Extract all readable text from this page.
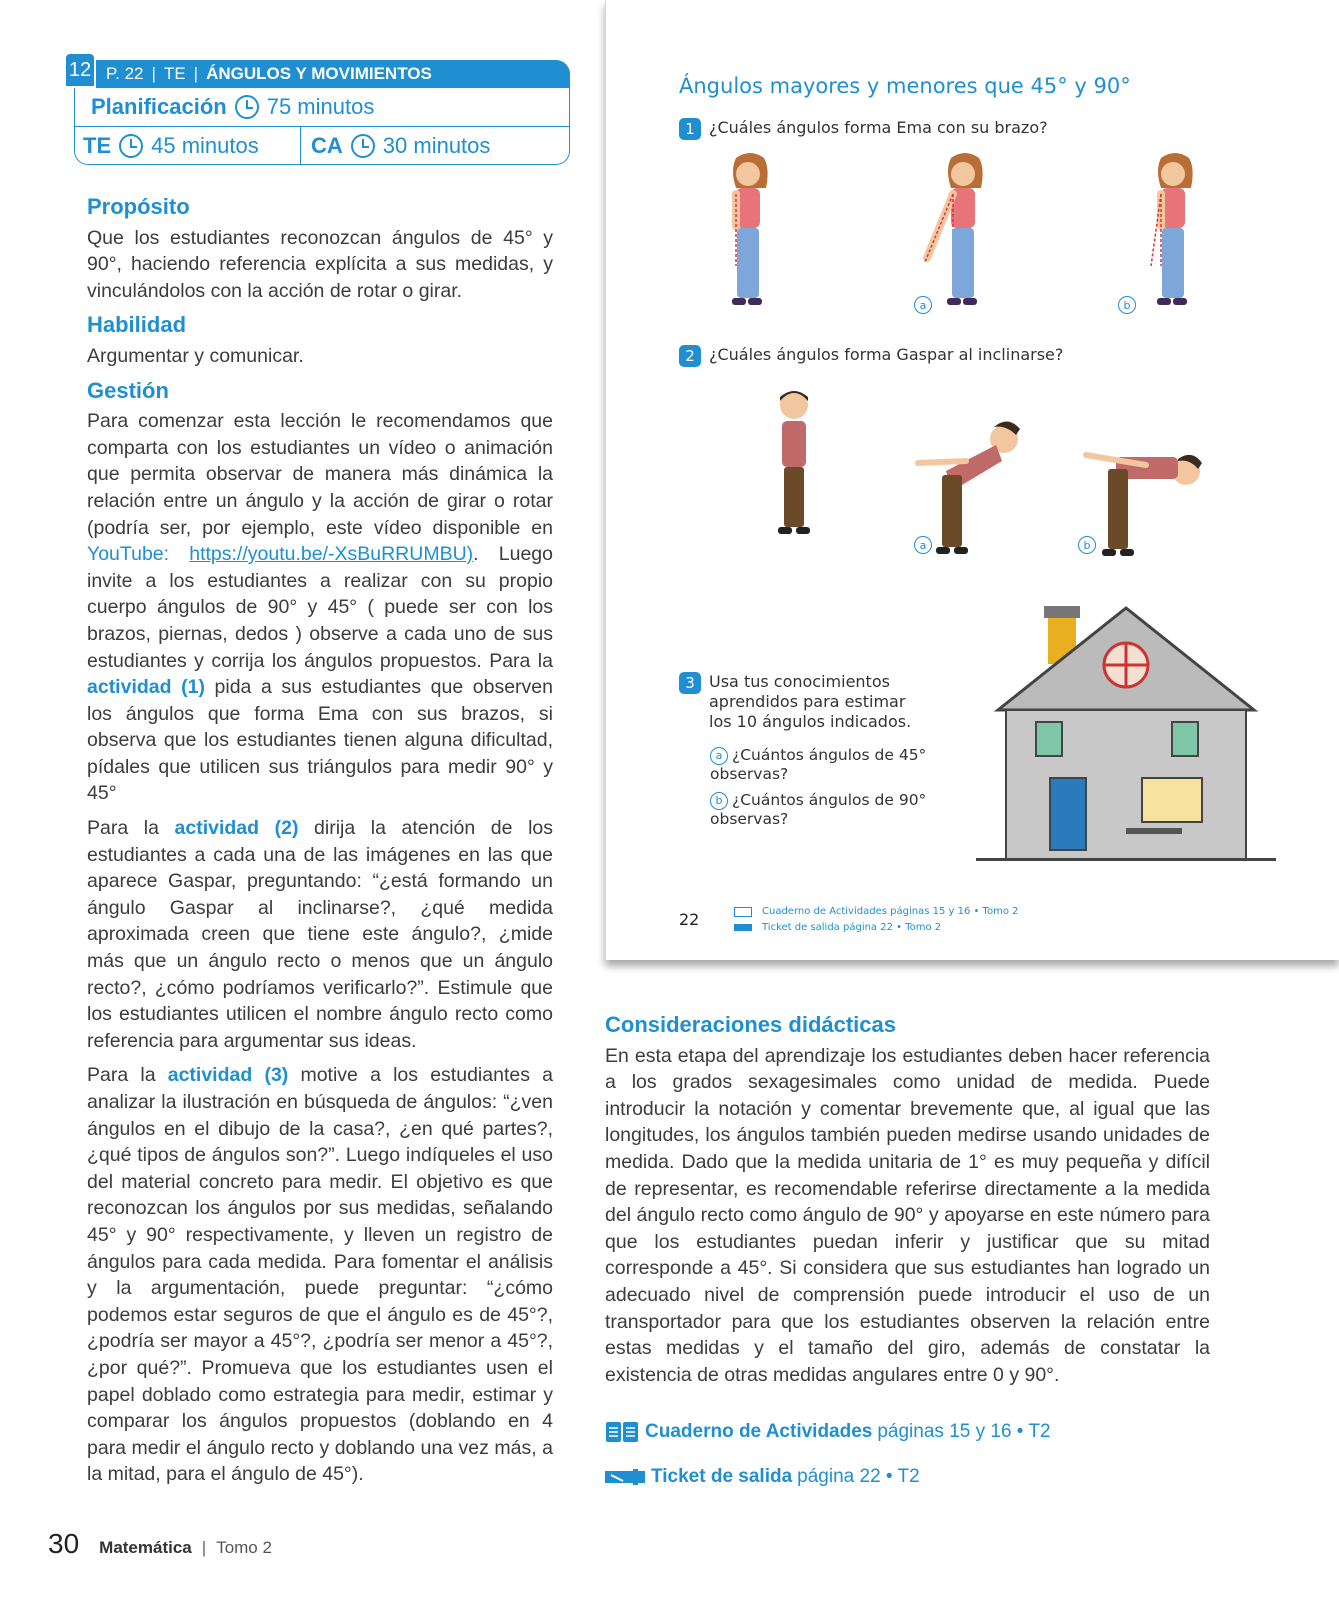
12 P. 22 | TE | ÁNGULOS Y MOVIMIENTOS
Planificación 75 minutos
TE 45 minutos CA 30 minutos
Propósito

Que los estudiantes reconozcan ángulos de 45° y 90°, haciendo referencia explícita a sus medidas, y vinculándolos con la acción de rotar o girar.

Habilidad

Argumentar y comunicar.

Gestión

Para comenzar esta lección le recomendamos que comparta con los estudiantes un vídeo o animación que permita observar de manera más dinámica la relación entre un ángulo y la acción de girar o rotar (podría ser, por ejemplo, este vídeo disponible en YouTube: https://youtu.be/-XsBuRRUMBU). Luego invite a los estudiantes a realizar con su propio cuerpo ángulos de 90° y 45° ( puede ser con los brazos, piernas, dedos ) observe a cada uno de sus estudiantes y corrija los ángulos propuestos. Para la actividad (1) pida a sus estudiantes que observen los ángulos que forma Ema con sus brazos, si observa que los estudiantes tienen alguna dificultad, pídales que utilicen sus triángulos para medir 90° y 45°

Para la actividad (2) dirija la atención de los estudiantes a cada una de las imágenes en las que aparece Gaspar, preguntando: “¿está formando un ángulo Gaspar al inclinarse?, ¿qué medida aproximada creen que tiene este ángulo?, ¿mide más que un ángulo recto o menos que un ángulo recto?, ¿cómo podríamos verificarlo?”. Estimule que los estudiantes utilicen el nombre ángulo recto como referencia para argumentar sus ideas.

Para la actividad (3) motive a los estudiantes a analizar la ilustración en búsqueda de ángulos: “¿ven ángulos en el dibujo de la casa?, ¿en qué partes?, ¿qué tipos de ángulos son?”. Luego indíqueles el uso del material concreto para medir. El objetivo es que reconozcan los ángulos por sus medidas, señalando 45° y 90° respectivamente, y lleven un registro de ángulos para cada medida. Para fomentar el análisis y la argumentación, puede preguntar: “¿cómo podemos estar seguros de que el ángulo es de 45°?, ¿podría ser mayor a 45°?, ¿podría ser menor a 45°?, ¿por qué?”. Promueva que los estudiantes usen el papel doblado como estrategia para medir, estimar y comparar los ángulos propuestos (doblando en 4 para medir el ángulo recto y doblando una vez más, a la mitad, para el ángulo de 45°).

Ángulos mayores y menores que 45° y 90°
1 ¿Cuáles ángulos forma Ema con su brazo?
a	b
2 ¿Cuáles ángulos forma Gaspar al inclinarse?
a	b
3 Usa tus conocimientos aprendidos para estimar los 10 ángulos indicados.
a ¿Cuántos ángulos de 45° observas?
b ¿Cuántos ángulos de 90° observas?
22	Cuaderno de Actividades páginas 15 y 16 • Tomo 2
Ticket de salida página 22 • Tomo 2
Consideraciones didácticas

En esta etapa del aprendizaje los estudiantes deben hacer referencia a los grados sexagesimales como unidad de medida. Puede introducir la notación y comentar brevemente que, al igual que las longitudes, los ángulos también pueden medirse usando unidades de medida. Dado que la medida unitaria de 1° es muy pequeña y difícil de representar, es recomendable referirse directamente a la medida del ángulo recto como ángulo de 90° y apoyarse en este número para que los estudiantes puedan inferir y justificar que su mitad corresponde a 45°. Si considera que sus estudiantes han logrado un adecuado nivel de comprensión puede introducir el uso de un transportador para que los estudiantes observen la relación entre estas medidas y el tamaño del giro, además de constatar la existencia de otras medidas angulares entre 0 y 90°.

Cuaderno de Actividades páginas 15 y 16 • T2
Ticket de salida página 22 • T2
30 Matemática | Tomo 2
